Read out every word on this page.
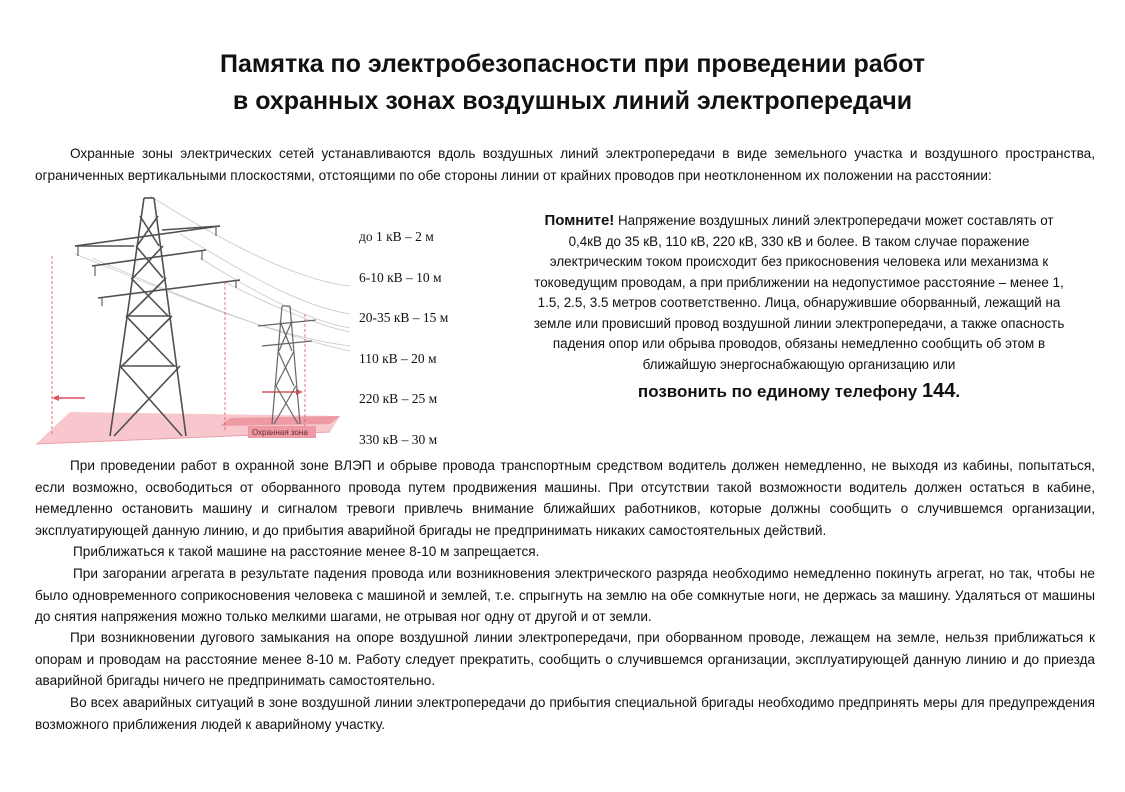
Памятка по электробезопасности при проведении работ
в охранных зонах воздушных линий электропередачи

Охранные зоны электрических сетей устанавливаются вдоль воздушных линий электропередачи в виде земельного участка и воздушного пространства, ограниченных вертикальными плоскостями, отстоящими по обе стороны линии от крайних проводов при неотклоненном их положении на расстоянии:

Охранная зона
до 1 кВ – 2 м
6-10 кВ – 10 м
20-35 кВ – 15 м
110 кВ – 20 м
220 кВ – 25 м
330 кВ – 30 м
Помните! Напряжение воздушных линий электропередачи может составлять от 0,4кВ до 35 кВ, 110 кВ, 220 кВ, 330 кВ и более. В таком случае поражение электрическим током происходит без прикосновения человека или механизма к токоведущим проводам, а при приближении на недопустимое расстояние – менее 1, 1.5, 2.5, 3.5 метров соответственно. Лица, обнаружившие оборванный, лежащий на земле или провисший провод воздушной линии электропередачи, а также опасность падения опор или обрыва проводов, обязаны немедленно сообщить об этом в ближайшую энергоснабжающую организацию или
позвонить по единому телефону 144.

При проведении работ в охранной зоне ВЛЭП и обрыве провода транспортным средством водитель должен немедленно, не выходя из кабины, попытаться, если возможно, освободиться от оборванного провода путем продвижения машины. При отсутствии такой возможности водитель должен остаться в кабине, немедленно остановить машину и сигналом тревоги привлечь внимание ближайших работников, которые должны сообщить о случившемся организации, эксплуатирующей данную линию, и до прибытия аварийной бригады не предпринимать никаких самостоятельных действий.

Приближаться к такой машине на расстояние менее 8-10 м запрещается.

При загорании агрегата в результате падения провода или возникновения электрического разряда необходимо немедленно покинуть агрегат, но так, чтобы не было одновременного соприкосновения человека с машиной и землей, т.е. спрыгнуть на землю на обе сомкнутые ноги, не держась за машину. Удаляться от машины до снятия напряжения можно только мелкими шагами, не отрывая ног одну от другой и от земли.

При возникновении дугового замыкания на опоре воздушной линии электропередачи, при оборванном проводе, лежащем на земле, нельзя приближаться к опорам и проводам на расстояние менее 8-10 м. Работу следует прекратить, сообщить о случившемся организации, эксплуатирующей данную линию и до приезда аварийной бригады ничего не предпринимать самостоятельно.

Во всех аварийных ситуаций в зоне воздушной линии электропередачи до прибытия специальной бригады необходимо предпринять меры для предупреждения возможного приближения людей к аварийному участку.
